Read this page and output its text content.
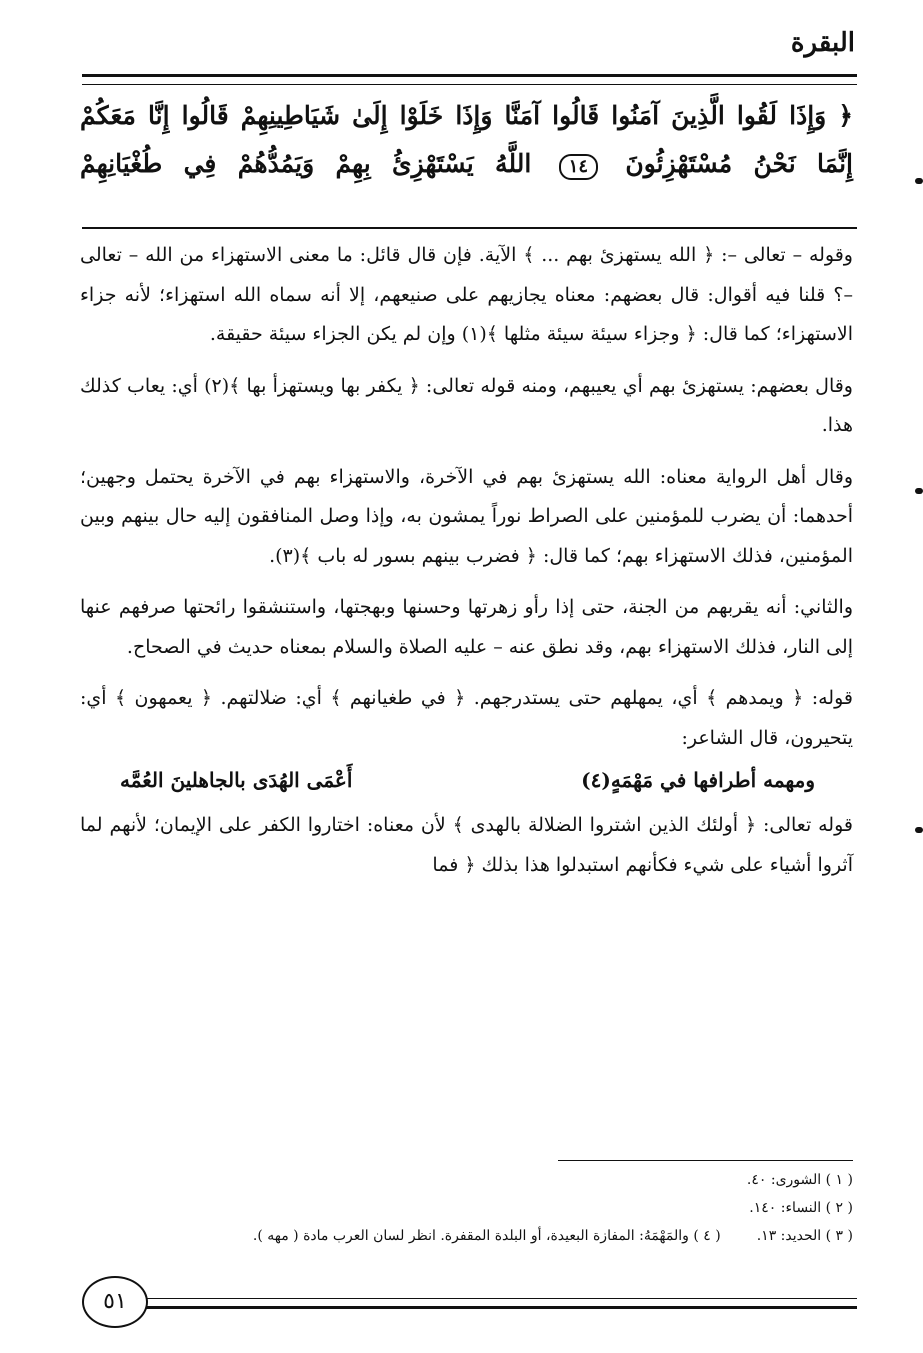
البقرة
﴿ وَإِذَا لَقُوا الَّذِينَ آمَنُوا قَالُوا آمَنَّا وَإِذَا خَلَوْا إِلَىٰ شَيَاطِينِهِمْ قَالُوا إِنَّا مَعَكُمْ إِنَّمَا نَحْنُ مُسْتَهْزِئُونَ ١٤ اللَّهُ يَسْتَهْزِئُ بِهِمْ وَيَمُدُّهُمْ فِي طُغْيَانِهِمْ

وقوله – تعالى –: ﴿ الله يستهزئ بهم ... ﴾ الآية. فإن قال قائل: ما معنى الاستهزاء من الله – تعالى –؟ قلنا فيه أقوال: قال بعضهم: معناه يجازيهم على صنيعهم، إلا أنه سماه الله استهزاء؛ لأنه جزاء الاستهزاء؛ كما قال: ﴿ وجزاء سيئة سيئة مثلها ﴾(١) وإن لم يكن الجزاء سيئة حقيقة.

وقال بعضهم: يستهزئ بهم أي يعيبهم، ومنه قوله تعالى: ﴿ يكفر بها ويستهزأ بها ﴾(٢) أي: يعاب كذلك هذا.

وقال أهل الرواية معناه: الله يستهزئ بهم في الآخرة، والاستهزاء بهم في الآخرة يحتمل وجهين؛ أحدهما: أن يضرب للمؤمنين على الصراط نوراً يمشون به، وإذا وصل المنافقون إليه حال بينهم وبين المؤمنين، فذلك الاستهزاء بهم؛ كما قال: ﴿ فضرب بينهم بسور له باب ﴾(٣).

والثاني: أنه يقربهم من الجنة، حتى إذا رأو زهرتها وحسنها وبهجتها، واستنشقوا رائحتها صرفهم عنها إلى النار، فذلك الاستهزاء بهم، وقد نطق عنه – عليه الصلاة والسلام بمعناه حديث في الصحاح.

قوله: ﴿ ويمدهم ﴾ أي، يمهلهم حتى يستدرجهم. ﴿ في طغيانهم ﴾ أي: ضلالتهم. ﴿ يعمهون ﴾ أي: يتحيرون، قال الشاعر:

ومهمه أطرافها في مَهْمَهٍ(٤)
أَعْمَى الهُدَى بالجاهلينَ العُمَّه

قوله تعالى: ﴿ أولئك الذين اشتروا الضلالة بالهدى ﴾ لأن معناه: اختاروا الكفر على الإيمان؛ لأنهم لما آثروا أشياء على شيء فكأنهم استبدلوا هذا بذلك ﴿ فما

( ١ ) الشورى: ٤٠.
( ٢ ) النساء: ١٤٠.
( ٣ ) الحديد: ١٣.
( ٤ ) والمَهْمَهُ: المفازة البعيدة، أو البلدة المقفرة. انظر لسان العرب مادة ( مهه ).
٥١
